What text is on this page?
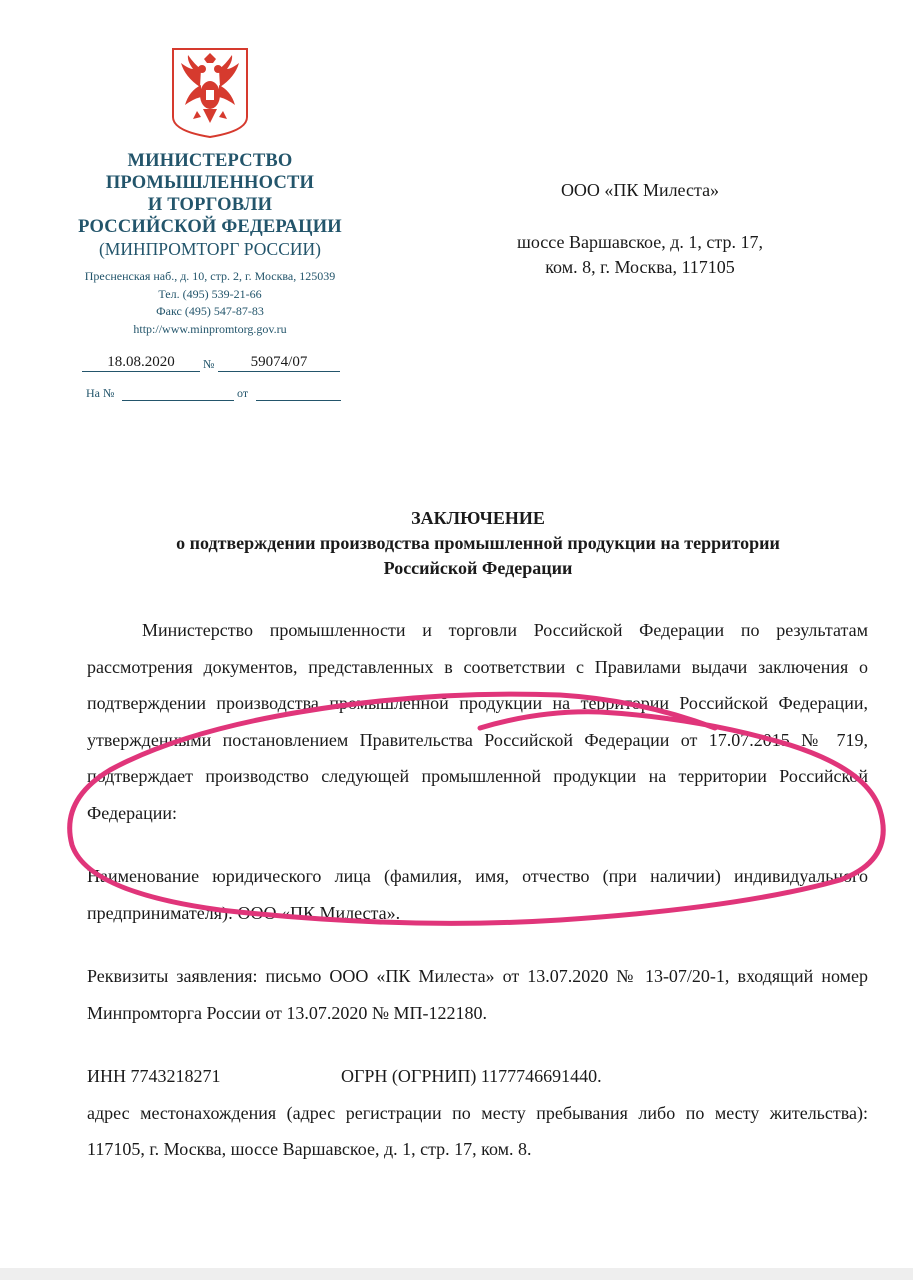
МИНИСТЕРСТВО
ПРОМЫШЛЕННОСТИ
И ТОРГОВЛИ
РОССИЙСКОЙ ФЕДЕРАЦИИ
(МИНПРОМТОРГ РОССИИ)
Пресненская наб., д. 10, стр. 2, г. Москва, 125039
Тел. (495) 539-21-66
Факс (495) 547-87-83
http://www.minpromtorg.gov.ru
18.08.2020	№	59074/07
На №	от
ООО «ПК Милеста»
шоссе Варшавское, д. 1, стр. 17,
ком. 8, г. Москва, 117105
ЗАКЛЮЧЕНИЕ
о подтверждении производства промышленной продукции на территории
Российской Федерации

Министерство промышленности и торговли Российской Федерации по результатам рассмотрения документов, представленных в соответствии с Правилами выдачи заключения о подтверждении производства промышленной продукции на территории Российской Федерации, утвержденными постановлением Правительства Российской Федерации от 17.07.2015 № 719, подтверждает производство следующей промышленной продукции на территории Российской Федерации:

Наименование юридического лица (фамилия, имя, отчество (при наличии) индивидуального предпринимателя): ООО «ПК Милеста».

Реквизиты заявления: письмо ООО «ПК Милеста» от 13.07.2020 № 13-07/20-1, входящий номер Минпромторга России от 13.07.2020 № МП-122180.

ИНН 7743218271	ОГРН (ОГРНИП) 1177746691440.

адрес местонахождения (адрес регистрации по месту пребывания либо по месту жительства): 117105, г. Москва, шоссе Варшавское, д. 1, стр. 17, ком. 8.
